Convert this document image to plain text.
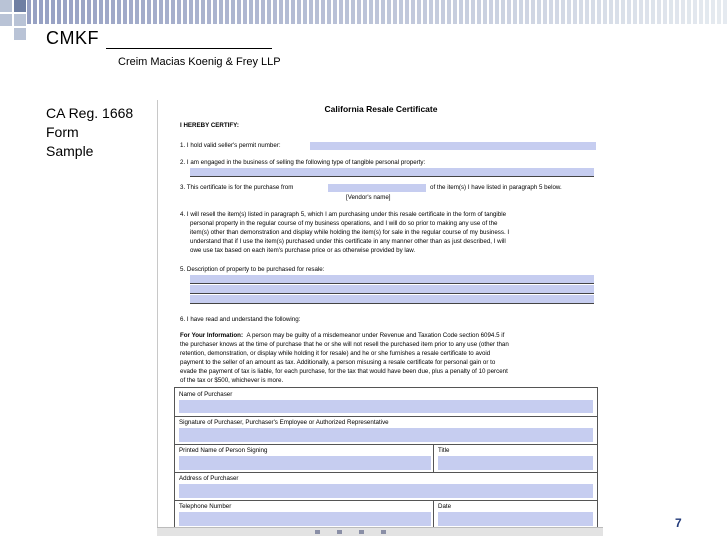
CMKF
Creim Macias Koenig & Frey LLP
CA Reg. 1668
Form
Sample
California Resale Certificate
I HEREBY CERTIFY:
1. I hold valid seller's permit number:
2. I am engaged in the business of selling the following type of tangible personal property:
3. This certificate is for the purchase from	of the item(s) I have listed in paragraph 5 below.
[Vendor's name]
4. I will resell the item(s) listed in paragraph 5, which I am purchasing under this resale certificate in the form of tangible
personal property in the regular course of my business operations, and I will do so prior to making any use of the
item(s) other than demonstration and display while holding the item(s) for sale in the regular course of my business. I
understand that if I use the item(s) purchased under this certificate in any manner other than as just described, I will
owe use tax based on each item's purchase price or as otherwise provided by law.
5. Description of property to be purchased for resale:
6. I have read and understand the following:
For Your Information: A person may be guilty of a misdemeanor under Revenue and Taxation Code section 6094.5 if
the purchaser knows at the time of purchase that he or she will not resell the purchased item prior to any use (other than
retention, demonstration, or display while holding it for resale) and he or she furnishes a resale certificate to avoid
payment to the seller of an amount as tax. Additionally, a person misusing a resale certificate for personal gain or to
evade the payment of tax is liable, for each purchase, for the tax that would have been due, plus a penalty of 10 percent
of the tax or $500, whichever is more.
Name of Purchaser
Signature of Purchaser, Purchaser's Employee or Authorized Representative
Printed Name of Person Signing	Title
Address of Purchaser
Telephone Number	Date
7
